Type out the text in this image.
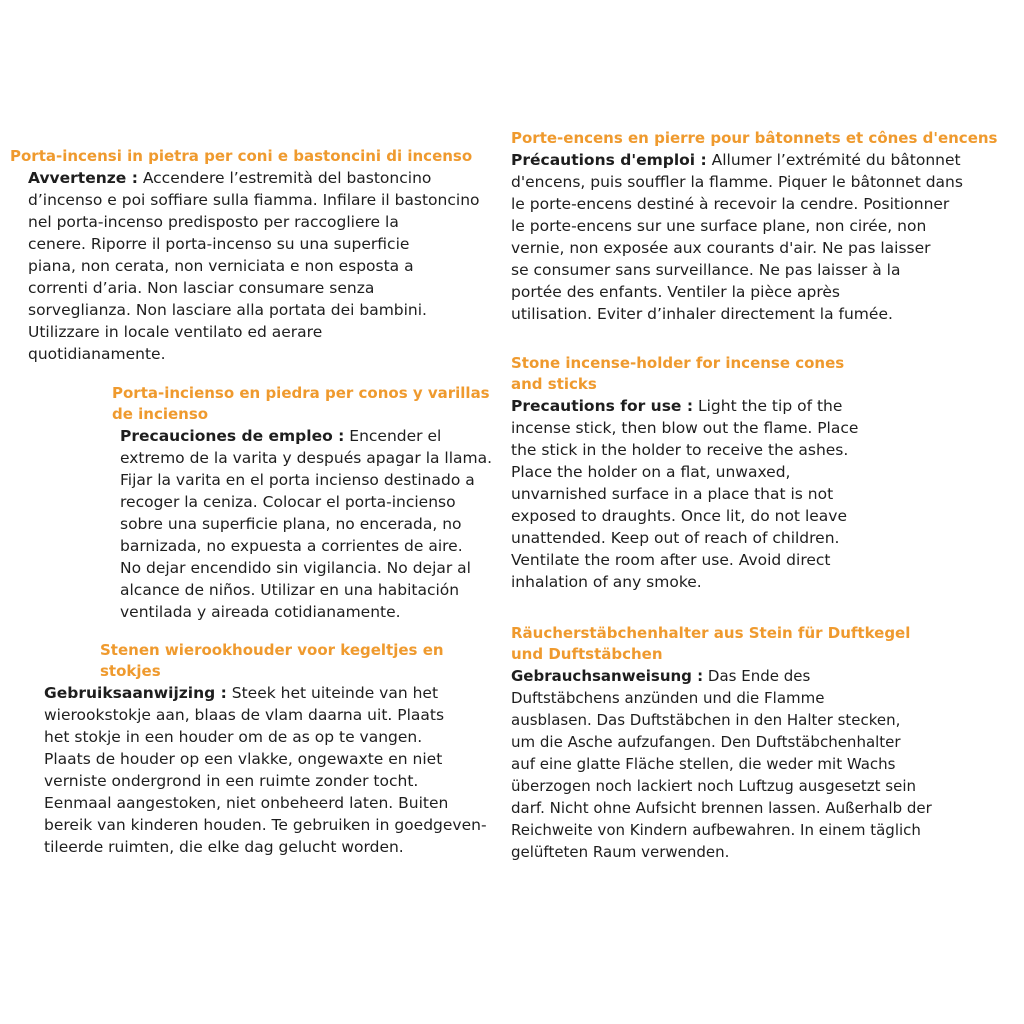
Porta-incensi in pietra per coni e bastoncini di incenso
Avvertenze : Accendere l’estremità del bastoncino
d’incenso e poi soffiare sulla fiamma. Infilare il bastoncino
nel porta-incenso predisposto per raccogliere la
cenere. Riporre il porta-incenso su una superficie
piana, non cerata, non verniciata e non esposta a
correnti d’aria. Non lasciar consumare senza
sorveglianza. Non lasciare alla portata dei bambini.
Utilizzare in locale ventilato ed aerare
quotidianamente.
Porta-incienso en piedra per conos y varillas
de incienso
Precauciones de empleo : Encender el
extremo de la varita y después apagar la llama.
Fijar la varita en el porta incienso destinado a
recoger la ceniza. Colocar el porta-incienso
sobre una superficie plana, no encerada, no
barnizada, no expuesta a corrientes de aire.
No dejar encendido sin vigilancia. No dejar al
alcance de niños. Utilizar en una habitación
ventilada y aireada cotidianamente.
Stenen wierookhouder voor kegeltjes en
stokjes
Gebruiksaanwijzing : Steek het uiteinde van het
wierookstokje aan, blaas de vlam daarna uit. Plaats
het stokje in een houder om de as op te vangen.
Plaats de houder op een vlakke, ongewaxte en niet
verniste ondergrond in een ruimte zonder tocht.
Eenmaal aangestoken, niet onbeheerd laten. Buiten
bereik van kinderen houden. Te gebruiken in goedgeven-
tileerde ruimten, die elke dag gelucht worden.
Porte-encens en pierre pour bâtonnets et cônes d'encens
Précautions d'emploi : Allumer l’extrémité du bâtonnet
d'encens, puis souffler la flamme. Piquer le bâtonnet dans
le porte-encens destiné à recevoir la cendre. Positionner
le porte-encens sur une surface plane, non cirée, non
vernie, non exposée aux courants d'air. Ne pas laisser
se consumer sans surveillance. Ne pas laisser à la
portée des enfants. Ventiler la pièce après
utilisation. Eviter d’inhaler directement la fumée.
Stone incense-holder for incense cones
and sticks
Precautions for use : Light the tip of the
incense stick, then blow out the flame. Place
the stick in the holder to receive the ashes.
Place the holder on a flat, unwaxed,
unvarnished surface in a place that is not
exposed to draughts. Once lit, do not leave
unattended. Keep out of reach of children.
Ventilate the room after use. Avoid direct
inhalation of any smoke.
Räucherstäbchenhalter aus Stein für Duftkegel
und Duftstäbchen
Gebrauchsanweisung : Das Ende des
Duftstäbchens anzünden und die Flamme
ausblasen. Das Duftstäbchen in den Halter stecken,
um die Asche aufzufangen. Den Duftstäbchenhalter
auf eine glatte Fläche stellen, die weder mit Wachs
überzogen noch lackiert noch Luftzug ausgesetzt sein
darf. Nicht ohne Aufsicht brennen lassen. Außerhalb der
Reichweite von Kindern aufbewahren. In einem täglich
gelüfteten Raum verwenden.
